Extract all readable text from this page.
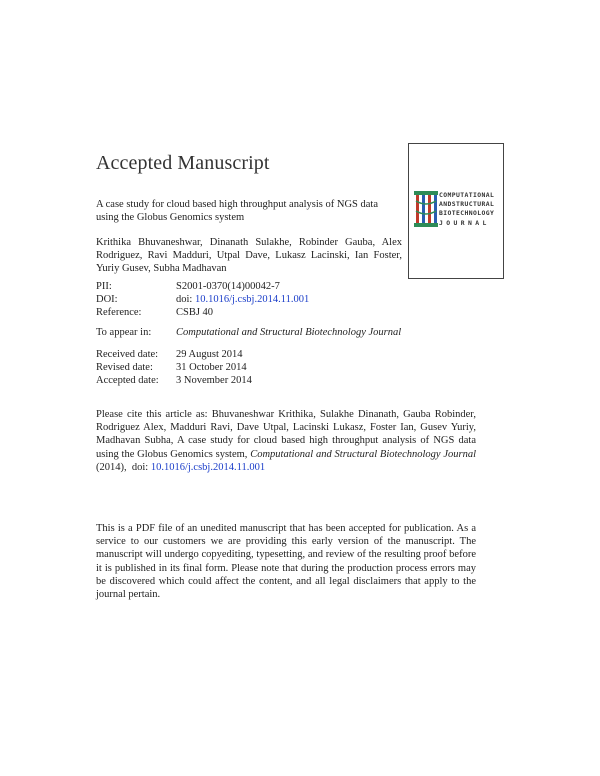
Accepted Manuscript
A case study for cloud based high throughput analysis of NGS data using the Globus Genomics system
Krithika Bhuvaneshwar, Dinanath Sulakhe, Robinder Gauba, Alex Rodriguez, Ravi Madduri, Utpal Dave, Lukasz Lacinski, Ian Foster, Yuriy Gusev, Subha Madhavan
PII:	S2001-0370(14)00042-7
DOI:	doi: 10.1016/j.csbj.2014.11.001
Reference:	CSBJ 40
To appear in:	Computational and Structural Biotechnology Journal
Received date:	29 August 2014
Revised date:	31 October 2014
Accepted date:	3 November 2014
Please cite this article as: Bhuvaneshwar Krithika, Sulakhe Dinanath, Gauba Robinder, Rodriguez Alex, Madduri Ravi, Dave Utpal, Lacinski Lukasz, Foster Ian, Gusev Yuriy, Madhavan Subha, A case study for cloud based high throughput analysis of NGS data using the Globus Genomics system, Computational and Structural Biotechnology Journal (2014), doi: 10.1016/j.csbj.2014.11.001
This is a PDF file of an unedited manuscript that has been accepted for publication. As a service to our customers we are providing this early version of the manuscript. The manuscript will undergo copyediting, typesetting, and review of the resulting proof before it is published in its final form. Please note that during the production process errors may be discovered which could affect the content, and all legal disclaimers that apply to the journal pertain.
COMPUTATIONAL
ANDSTRUCTURAL
BIOTECHNOLOGY
JOURNAL
